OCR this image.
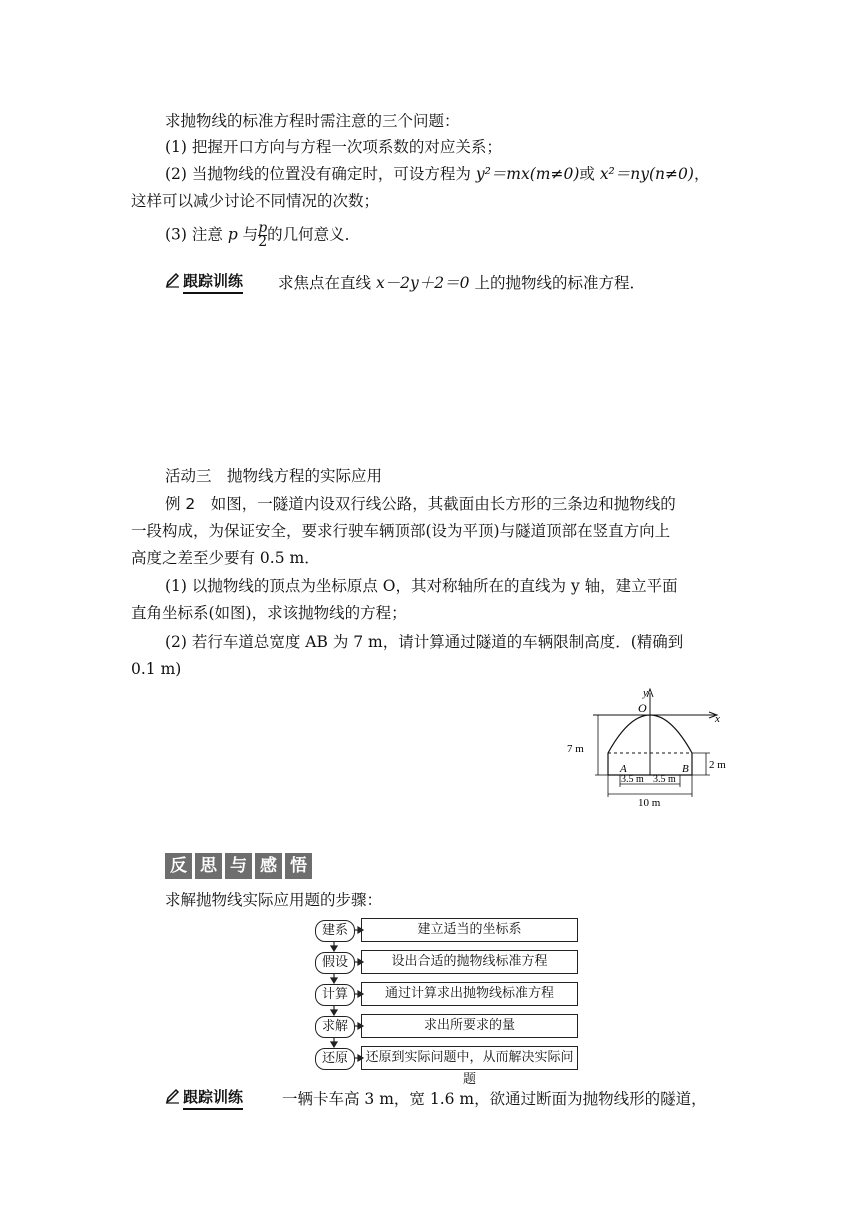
求抛物线的标准方程时需注意的三个问题：
(1) 把握开口方向与方程一次项系数的对应关系；
(2) 当抛物线的位置没有确定时，可设方程为 y²＝mx(m≠0)或 x²＝ny(n≠0)，
这样可以减少讨论不同情况的次数；
(3) 注意 p 与 $\frac{p}{2}$ 的几何意义．
跟踪训练 求焦点在直线 x－2y＋2＝0 上的抛物线的标准方程．
活动三　抛物线方程的实际应用
例 2　如图，一隧道内设双行线公路，其截面由长方形的三条边和抛物线的
一段构成，为保证安全，要求行驶车辆顶部(设为平顶)与隧道顶部在竖直方向上
高度之差至少要有 0.5 m．
(1) 以抛物线的顶点为坐标原点 O，其对称轴所在的直线为 y 轴，建立平面
直角坐标系(如图)，求该抛物线的方程；
(2) 若行车道总宽度 AB 为 7 m，请计算通过隧道的车辆限制高度．(精确到
0.1 m)
7 m
2 m
3.5 m 3.5 m
10 m
y
x
O
A	B
反 思 与 感 悟
求解抛物线实际应用题的步骤：
建系	建立适当的坐标系
假设	设出合适的抛物线标准方程
计算	通过计算求出抛物线标准方程
求解	求出所要求的量
还原	还原到实际问题中，从而解决实际问题
跟踪训练	一辆卡车高 3 m，宽 1.6 m，欲通过断面为抛物线形的隧道，
